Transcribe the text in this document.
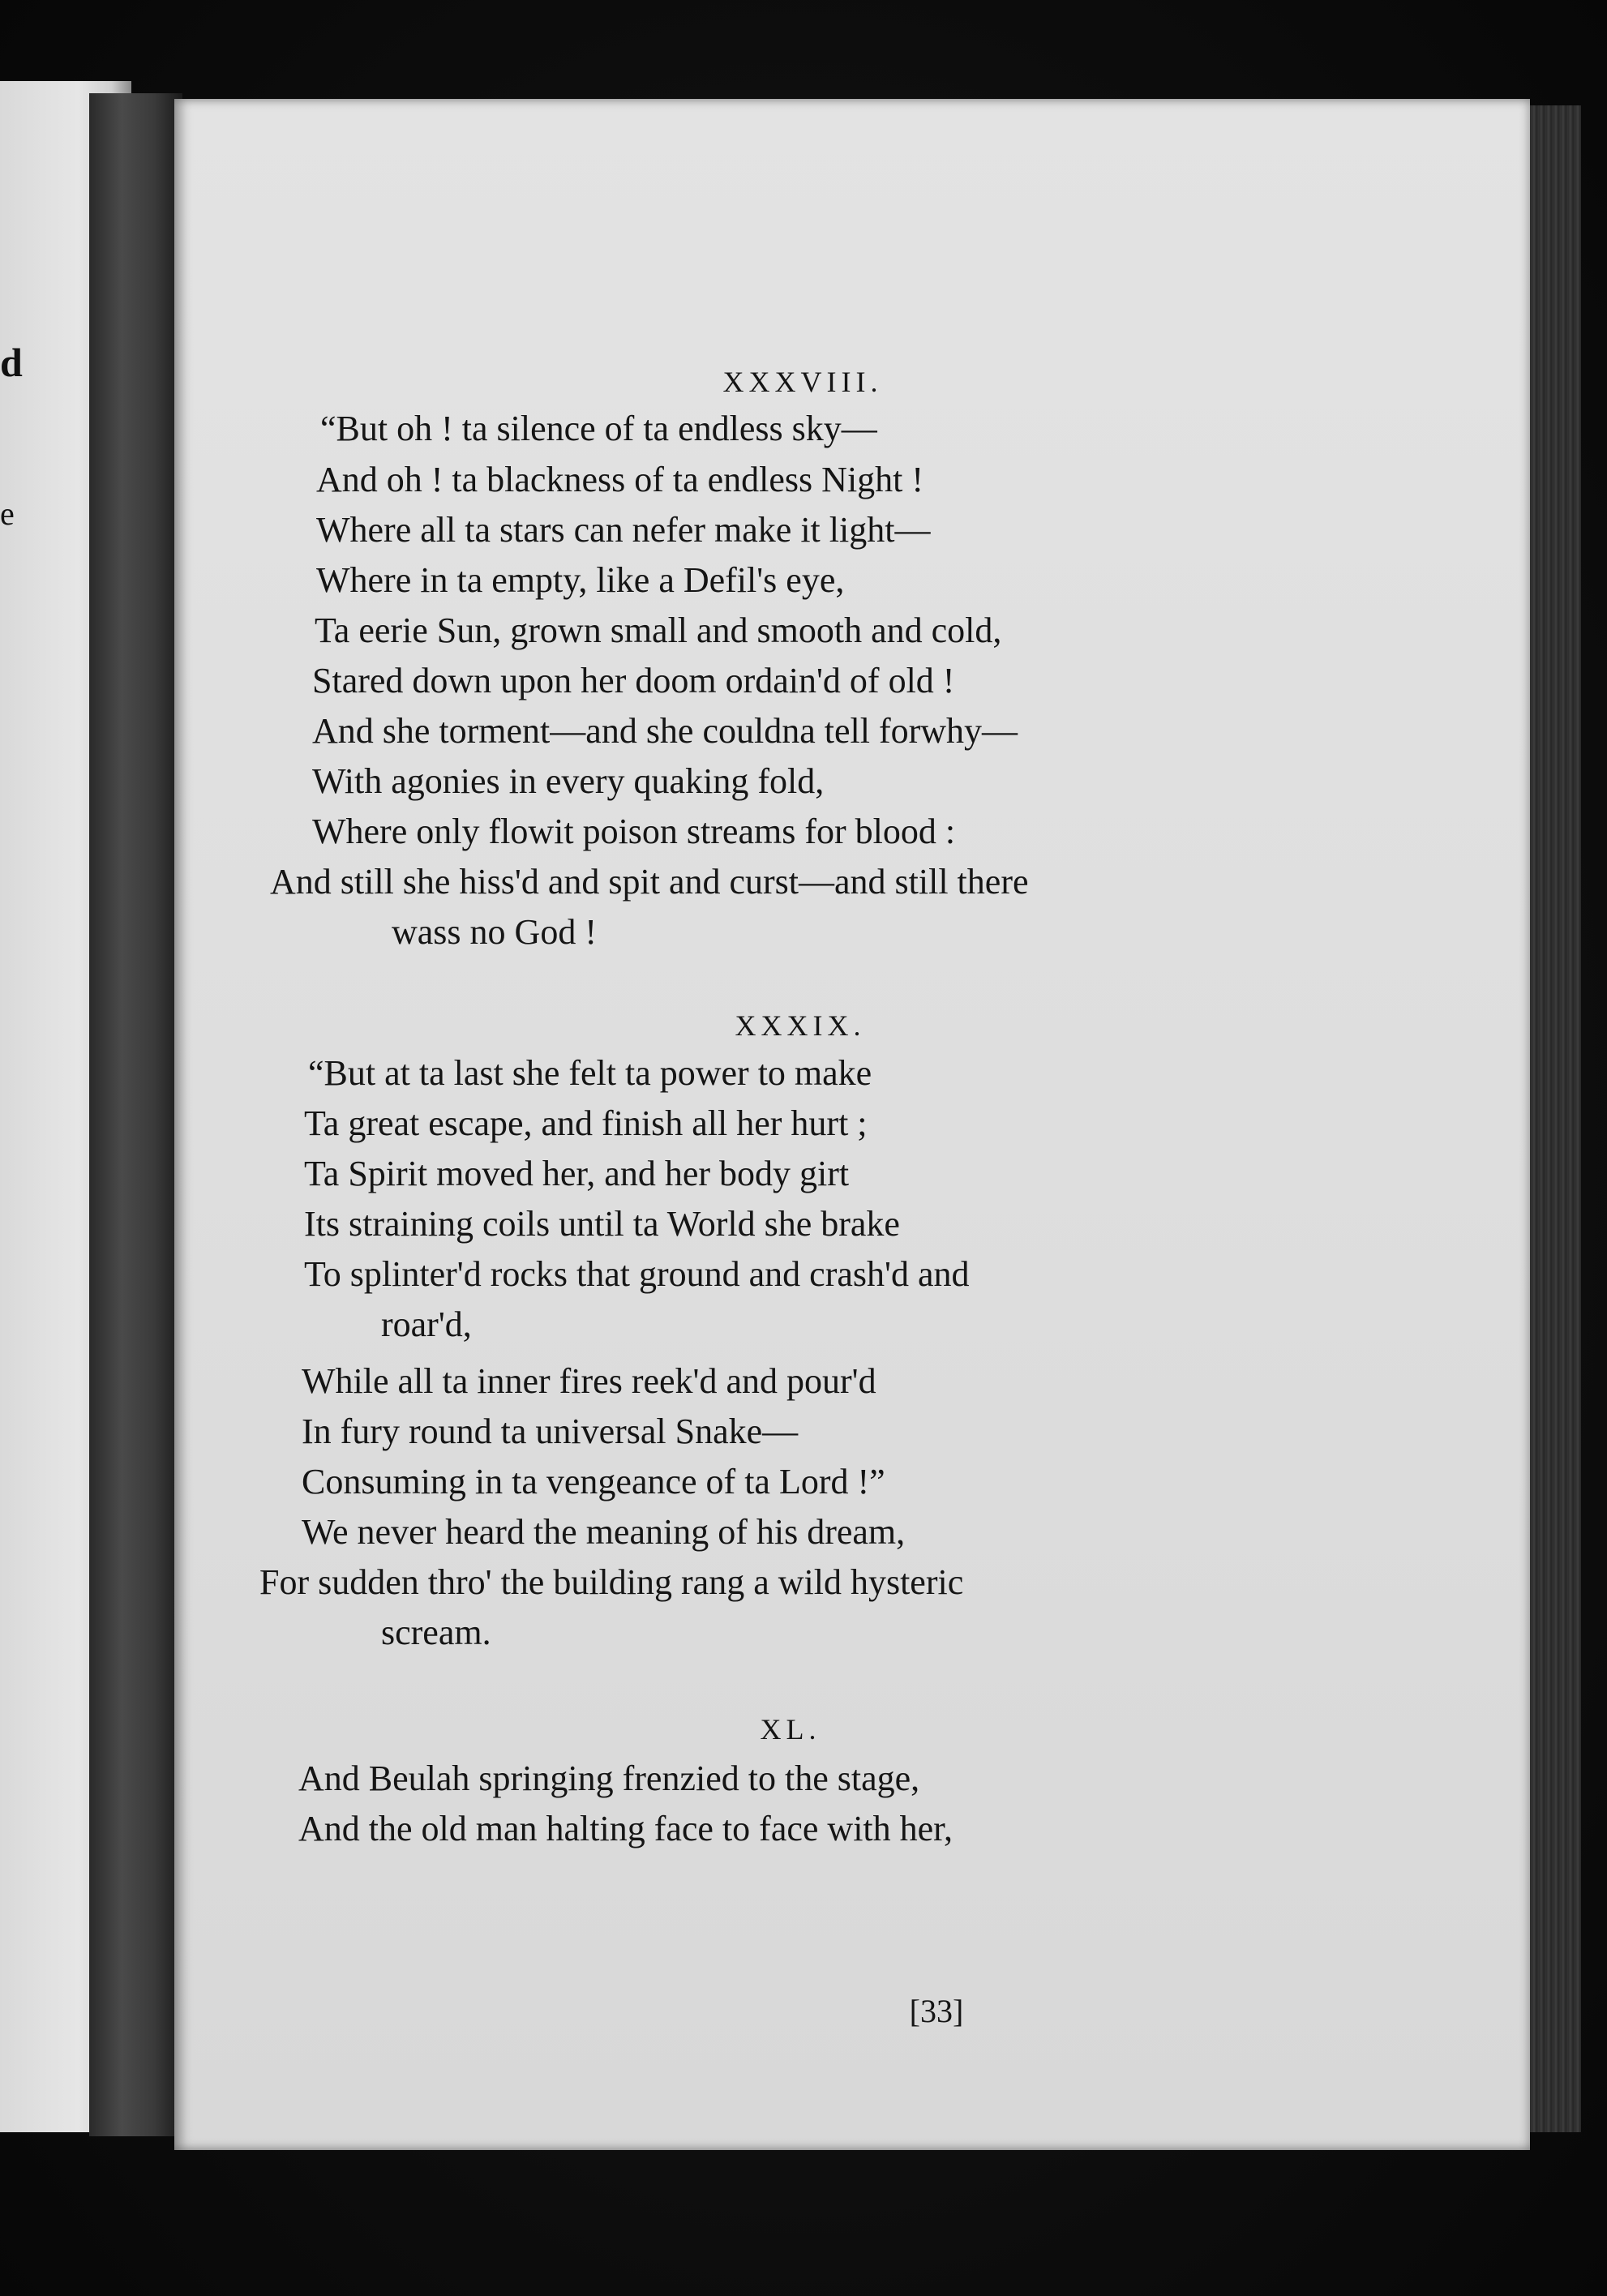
d
e
XXXVIII.
“But oh ! ta silence of ta endless sky—
And oh ! ta blackness of ta endless Night !
Where all ta stars can nefer make it light—
Where in ta empty, like a Defil's eye,
Ta eerie Sun, grown small and smooth and cold,
Stared down upon her doom ordain'd of old !
And she torment—and she couldna tell forwhy—
With agonies in every quaking fold,
Where only flowit poison streams for blood :
And still she hiss'd and spit and curst—and still there
wass no God !
XXXIX.
“But at ta last she felt ta power to make
Ta great escape, and finish all her hurt ;
Ta Spirit moved her, and her body girt
Its straining coils until ta World she brake
To splinter'd rocks that ground and crash'd and
roar'd,
While all ta inner fires reek'd and pour'd
In fury round ta universal Snake—
Consuming in ta vengeance of ta Lord !”
We never heard the meaning of his dream,
For sudden thro' the building rang a wild hysteric
scream.
XL.
And Beulah springing frenzied to the stage,
And the old man halting face to face with her,
[33]
